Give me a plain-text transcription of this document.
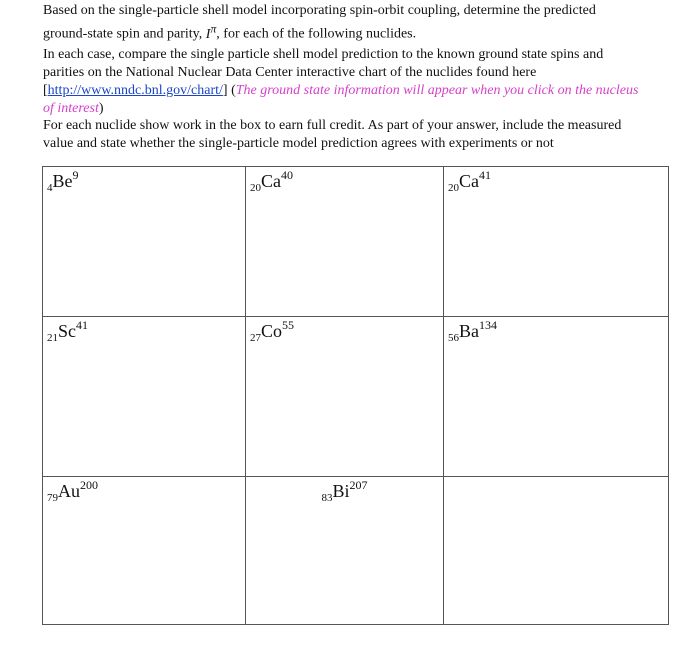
Based on the single-particle shell model incorporating spin-orbit coupling, determine the predicted ground-state spin and parity, $I^\pi$, for each of the following nuclides.
In each case, compare the single particle shell model prediction to the known ground state spins and parities on the National Nuclear Data Center interactive chart of the nuclides found here [http://www.nndc.bnl.gov/chart/] (The ground state information will appear when you click on the nucleus of interest)
For each nuclide show work in the box to earn full credit. As part of your answer, include the measured value and state whether the single-particle model prediction agrees with experiments or not
$_4Be^9$	$_{20}Ca^{40}$	$_{20}Ca^{41}$

$_{21}Sc^{41}$	$_{27}Co^{55}$	$_{56}Ba^{134}$

$_{79}Au^{200}$	$_{83}Bi^{207}$
